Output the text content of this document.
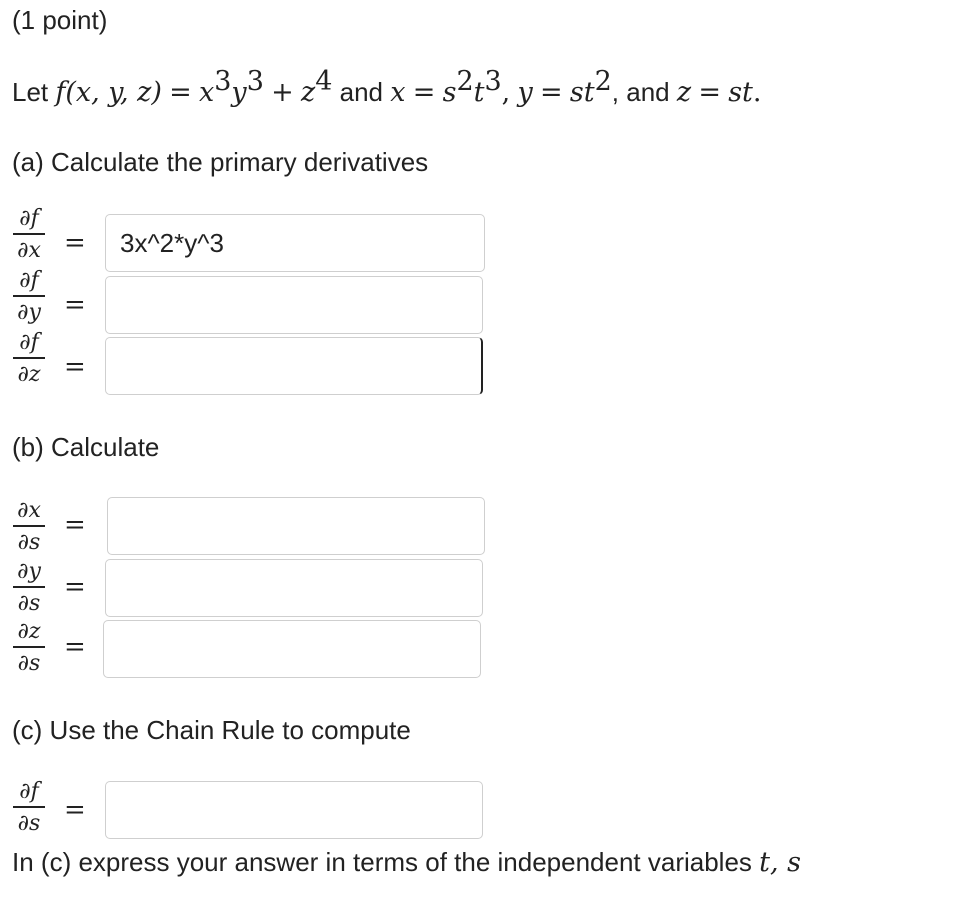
(1 point)
Let f(x, y, $z) = x^3y^3 + z^4$ and $x = s^2t^3$, $y = st^2$, and z = st.
(a) Calculate the primary derivatives
∂f
∂x =
3x^2*y^3
∂f
∂y =
∂f
∂z =
(b) Calculate
∂x
∂s
=
∂y
∂s
=
∂z
∂s
=
(c) Use the Chain Rule to compute
∂f
∂s =
In (c) express your answer in terms of the independent variables t, s
